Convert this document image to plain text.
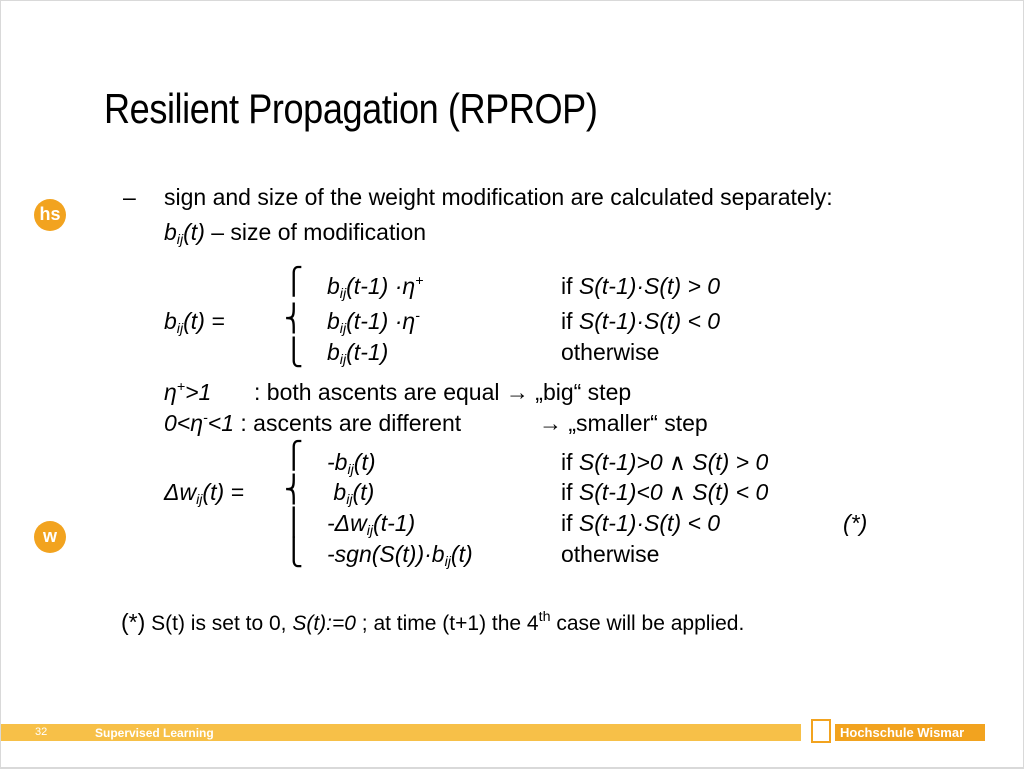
Resilient Propagation (RPROP)
hs
w
– sign and size of the weight modification are calculated separately:
$b_{ij}(t)$ – size of modification
$b_{ij}(t)$ =
⎧
⎨
⎩
$b_{ij}(t-1) \cdot\eta^+$	if S(t-1)·S(t) > 0
$b_{ij}(t-1) \cdot\eta^-$	if S(t-1)·S(t) < 0
$b_{ij}(t-1)$	otherwise
η+>1 : both ascents are equal → „big“ step
0<η-<1 : ascents are different	→ „smaller“ step
$\Delta w_{ij}(t)$ =
⎧
⎨
⎪
⎩
$-b_{ij}(t)$	if S(t-1)>0 ∧ S(t) > 0
$b_{ij}(t)$	if S(t-1)<0 ∧ S(t) < 0
$-\Delta w_{ij}(t-1)$	if S(t-1)·S(t) < 0	(*)
$-sgn(S(t))\cdot b_{ij}(t)$	otherwise
(*) S(t) is set to 0, S(t):=0 ; at time (t+1) the 4th case will be applied.
32	Supervised Learning	Hochschule Wismar
